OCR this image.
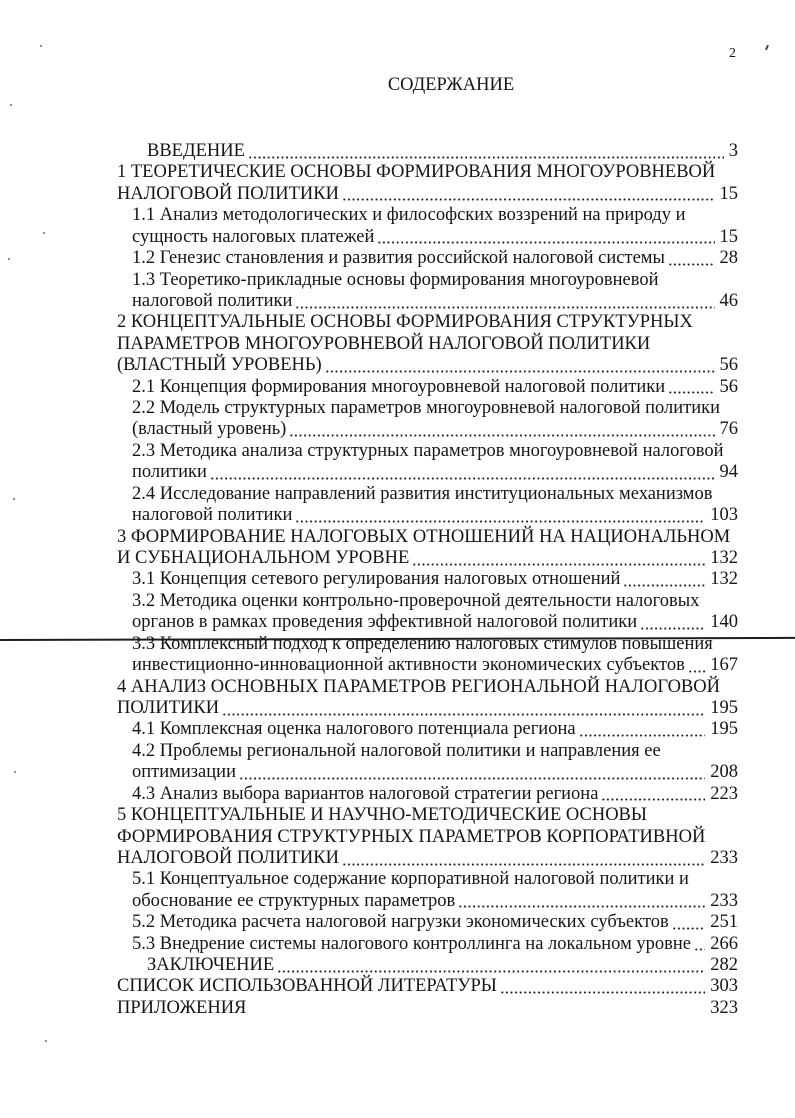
2
СОДЕРЖАНИЕ
ВВЕДЕНИЕ	3
1 ТЕОРЕТИЧЕСКИЕ ОСНОВЫ ФОРМИРОВАНИЯ МНОГОУРОВНЕВОЙ
НАЛОГОВОЙ ПОЛИТИКИ	15
1.1 Анализ методологических и философских воззрений на природу и
сущность налоговых платежей	15
1.2 Генезис становления и развития российской налоговой системы	28
1.3 Теоретико-прикладные основы формирования многоуровневой
налоговой политики	46
2 КОНЦЕПТУАЛЬНЫЕ ОСНОВЫ ФОРМИРОВАНИЯ СТРУКТУРНЫХ
ПАРАМЕТРОВ МНОГОУРОВНЕВОЙ НАЛОГОВОЙ ПОЛИТИКИ
(ВЛАСТНЫЙ УРОВЕНЬ)	56
2.1 Концепция формирования многоуровневой налоговой политики	56
2.2 Модель структурных параметров многоуровневой налоговой политики
(властный уровень)	76
2.3 Методика анализа структурных параметров многоуровневой налоговой
политики	94
2.4 Исследование направлений развития институциональных механизмов
налоговой политики	103
3 ФОРМИРОВАНИЕ НАЛОГОВЫХ ОТНОШЕНИЙ НА НАЦИОНАЛЬНОМ
И СУБНАЦИОНАЛЬНОМ УРОВНЕ	132
3.1 Концепция сетевого регулирования налоговых отношений	132
3.2 Методика оценки контрольно-проверочной деятельности налоговых
органов в рамках проведения эффективной налоговой политики	140
3.3 Комплексный подход к определению налоговых стимулов повышения
инвестиционно-инновационной активности экономических субъектов 167
4 АНАЛИЗ ОСНОВНЫХ ПАРАМЕТРОВ РЕГИОНАЛЬНОЙ НАЛОГОВОЙ
ПОЛИТИКИ	195
4.1 Комплексная оценка налогового потенциала региона	195
4.2 Проблемы региональной налоговой политики и направления ее
оптимизации	208
4.3 Анализ выбора вариантов налоговой стратегии региона	223
5 КОНЦЕПТУАЛЬНЫЕ И НАУЧНО-МЕТОДИЧЕСКИЕ ОСНОВЫ
ФОРМИРОВАНИЯ СТРУКТУРНЫХ ПАРАМЕТРОВ КОРПОРАТИВНОЙ
НАЛОГОВОЙ ПОЛИТИКИ	233
5.1 Концептуальное содержание корпоративной налоговой политики и
обоснование ее структурных параметров	233
5.2 Методика расчета налоговой нагрузки экономических субъектов 251
5.3 Внедрение системы налогового контроллинга на локальном уровне 266
ЗАКЛЮЧЕНИЕ	282
СПИСОК ИСПОЛЬЗОВАННОЙ ЛИТЕРАТУРЫ	303
ПРИЛОЖЕНИЯ	323
